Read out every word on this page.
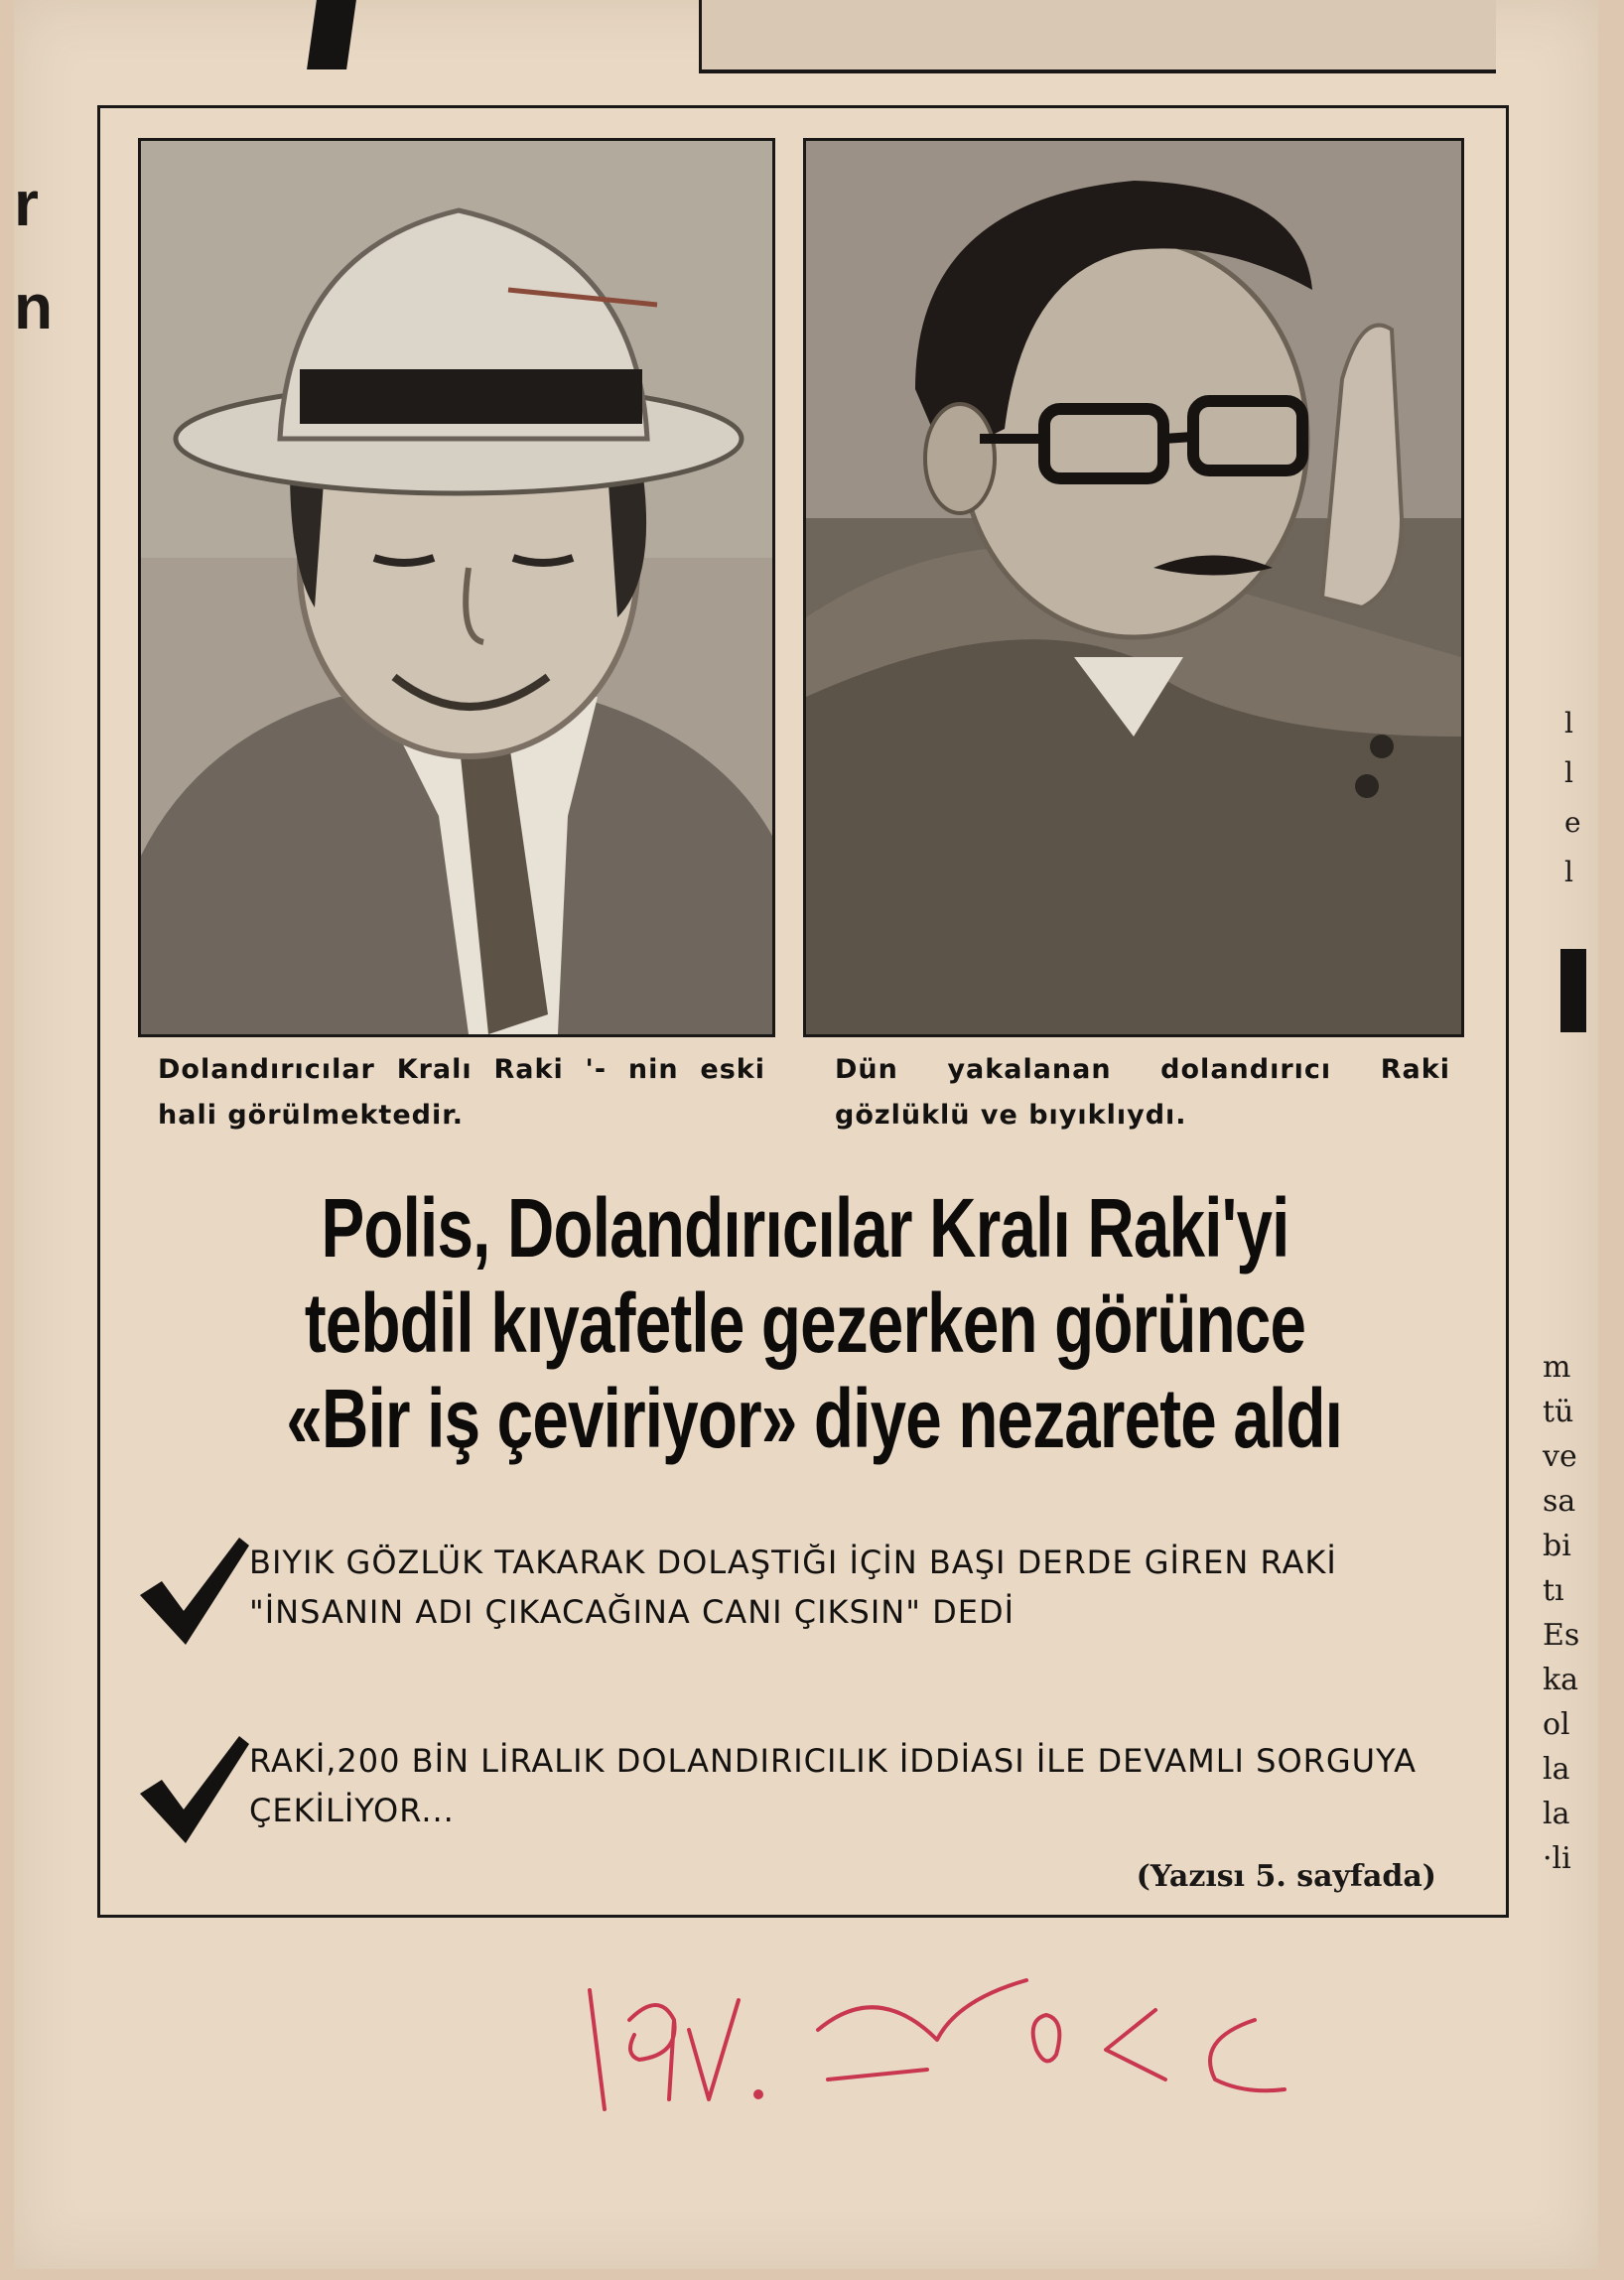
r
n
l
l
e
l
m
tü
ve
sa
bi
tı
Es
ka
ol
la
la
·li
Dolandırıcılar Kralı Raki '- nin eski hali görülmektedir.
Dün yakalanan dolandırıcı Raki gözlüklü ve bıyıklıydı.
Polis, Dolandırıcılar Kralı Raki'yi
tebdil kıyafetle gezerken görünce
«Bir iş çeviriyor» diye nezarete aldı
BIYIK GÖZLÜK TAKARAK DOLAŞTIĞI İÇİN BAŞI DERDE GİREN RAKİ "İNSANIN ADI ÇIKACAĞINA CANI ÇIKSIN" DEDİ
RAKİ,200 BİN LİRALIK DOLANDIRICILIK İDDİASI İLE DEVAMLI SORGUYA ÇEKİLİYOR...
(Yazısı 5. sayfada)
